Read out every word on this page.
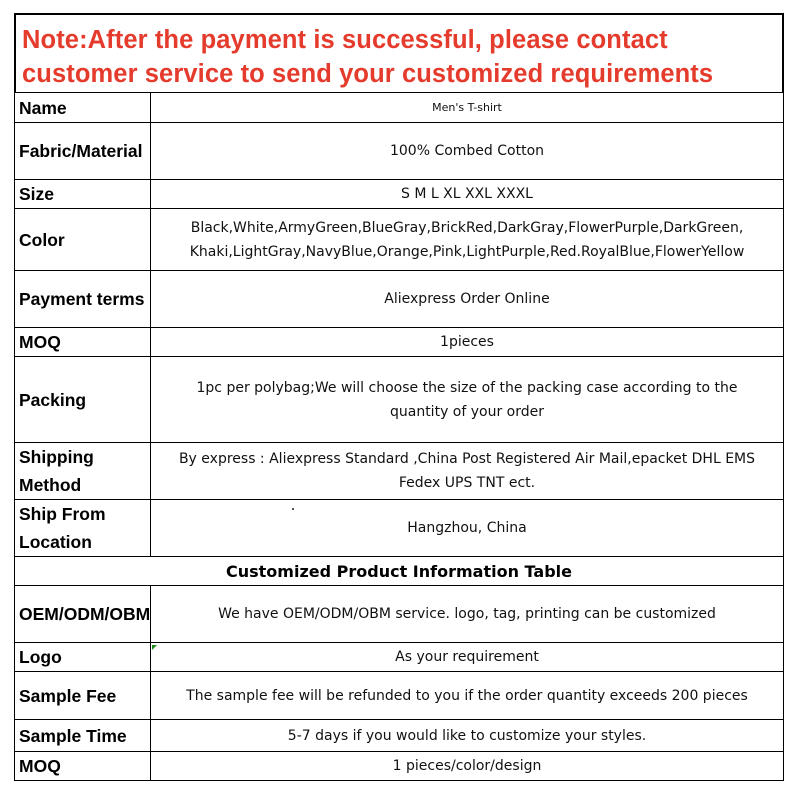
Note:After the payment is successful, please contact
customer service to send your customized requirements
Name	Men's T-shirt
Fabric/Material	100% Combed Cotton
Size	S M L XL XXL XXXL
Color	Black,White,ArmyGreen,BlueGray,BrickRed,DarkGray,FlowerPurple,DarkGreen,
Khaki,LightGray,NavyBlue,Orange,Pink,LightPurple,Red.RoyalBlue,FlowerYellow

Payment terms	Aliexpress Order Online
MOQ	1pieces
Packing	1pc per polybag;We will choose the size of the packing case according to the
quantity of your order

Shipping Method	By express : Aliexpress Standard ,China Post Registered Air Mail,epacket DHL EMS
Fedex UPS TNT ect.

Ship From Location	Hangzhou, China
Customized Product Information Table	
OEM/ODM/OBM	We have OEM/ODM/OBM service. logo, tag, printing can be customized
Logo	As your requirement
Sample Fee	The sample fee will be refunded to you if the order quantity exceeds 200 pieces
Sample Time	5-7 days if you would like to customize your styles.
MOQ	1 pieces/color/design
